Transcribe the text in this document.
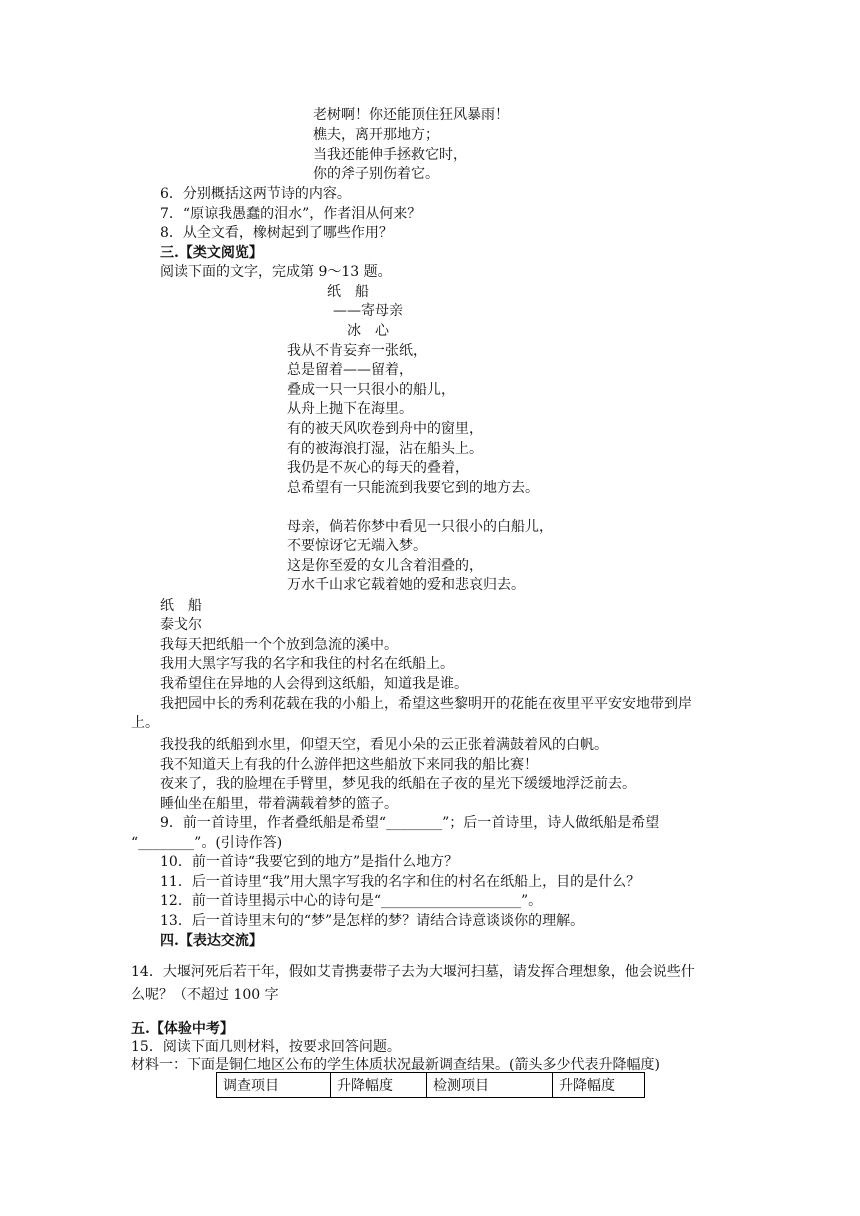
老树啊！你还能顶住狂风暴雨！
樵夫，离开那地方；
当我还能伸手拯救它时，
你的斧子别伤着它。
6．分别概括这两节诗的内容。
7．“原谅我愚蠢的泪水”，作者泪从何来？
8．从全文看，橡树起到了哪些作用？
三.【类文阅览】
阅读下面的文字，完成第 9～13 题。
纸　船
——寄母亲
冰　心
我从不肯妄弃一张纸，
总是留着——留着，
叠成一只一只很小的船儿，
从舟上抛下在海里。
有的被天风吹卷到舟中的窗里，
有的被海浪打湿，沾在船头上。
我仍是不灰心的每天的叠着，
总希望有一只能流到我要它到的地方去。
母亲，倘若你梦中看见一只很小的白船儿，
不要惊讶它无端入梦。
这是你至爱的女儿含着泪叠的，
万水千山求它载着她的爱和悲哀归去。
纸　船
泰戈尔
我每天把纸船一个个放到急流的溪中。
我用大黑字写我的名字和我住的村名在纸船上。
我希望住在异地的人会得到这纸船，知道我是谁。
我把园中长的秀利花载在我的小船上，希望这些黎明开的花能在夜里平平安安地带到岸
上。
我投我的纸船到水里，仰望天空，看见小朵的云正张着满鼓着风的白帆。
我不知道天上有我的什么游伴把这些船放下来同我的船比赛！
夜来了，我的脸埋在手臂里，梦见我的纸船在子夜的星光下缓缓地浮泛前去。
睡仙坐在船里，带着满载着梦的篮子。
9．前一首诗里，作者叠纸船是希望“________”；后一首诗里，诗人做纸船是希望
“________”。(引诗作答)
10．前一首诗“我要它到的地方”是指什么地方？
11．后一首诗里“我”用大黑字写我的名字和住的村名在纸船上，目的是什么？
12．前一首诗里揭示中心的诗句是“____________________”。
13．后一首诗里末句的“梦”是怎样的梦？请结合诗意谈谈你的理解。
四.【表达交流】
14．大堰河死后若干年，假如艾青携妻带子去为大堰河扫墓，请发挥合理想象，他会说些什
么呢？（不超过 100 字
五.【体验中考】
15．阅读下面几则材料，按要求回答问题。
材料一：下面是铜仁地区公布的学生体质状况最新调查结果。(箭头多少代表升降幅度)
调查项目	升降幅度	检测项目	升降幅度
